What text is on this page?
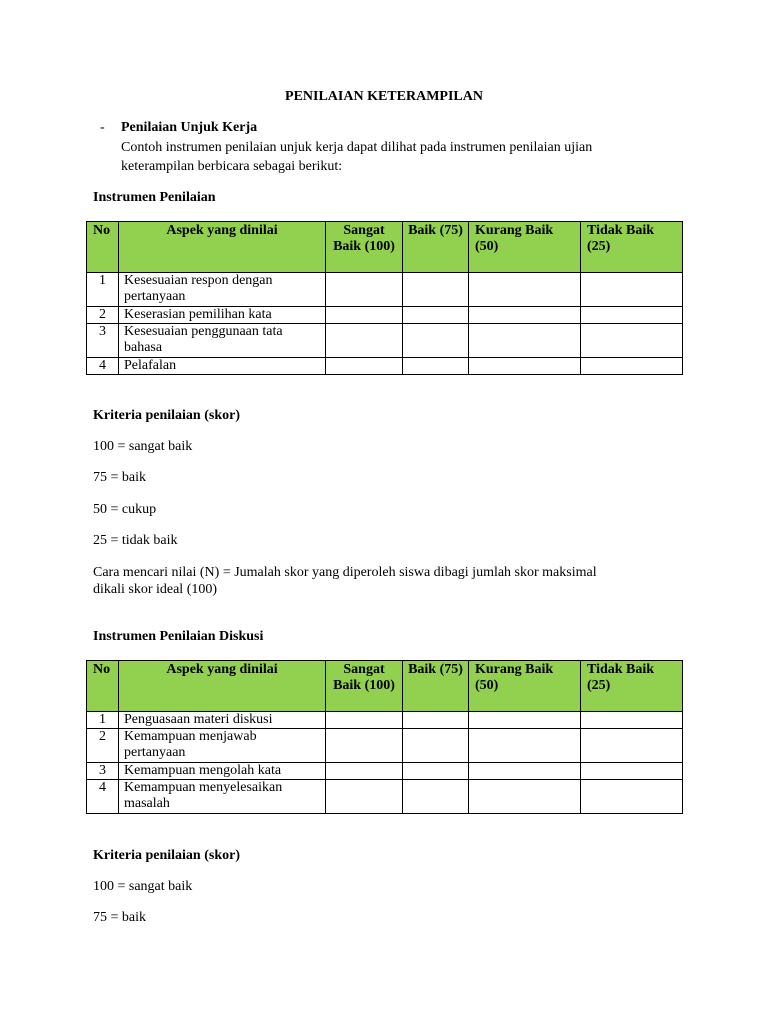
PENILAIAN KETERAMPILAN

- Penilaian Unjuk Kerja

Contoh instrumen penilaian unjuk kerja dapat dilihat pada instrumen penilaian ujian
keterampilan berbicara sebagai berikut:

Instrumen Penilaian

No	Aspek yang dinilai	Sangat Baik (100)	Baik (75)	Kurang Baik (50)	Tidak Baik (25)
1	Kesesuaian respon dengan pertanyaan				
2	Keserasian pemilihan kata				
3	Kesesuaian penggunaan tata bahasa				
4	Pelafalan				

Kriteria penilaian (skor)

100 = sangat baik

75 = baik

50 = cukup

25 = tidak baik

Cara mencari nilai (N) = Jumalah skor yang diperoleh siswa dibagi jumlah skor maksimal
dikali skor ideal (100)

Instrumen Penilaian Diskusi

No	Aspek yang dinilai	Sangat Baik (100)	Baik (75)	Kurang Baik (50)	Tidak Baik (25)
1	Penguasaan materi diskusi				
2	Kemampuan menjawab pertanyaan				
3	Kemampuan mengolah kata				
4	Kemampuan menyelesaikan masalah				

Kriteria penilaian (skor)

100 = sangat baik

75 = baik
